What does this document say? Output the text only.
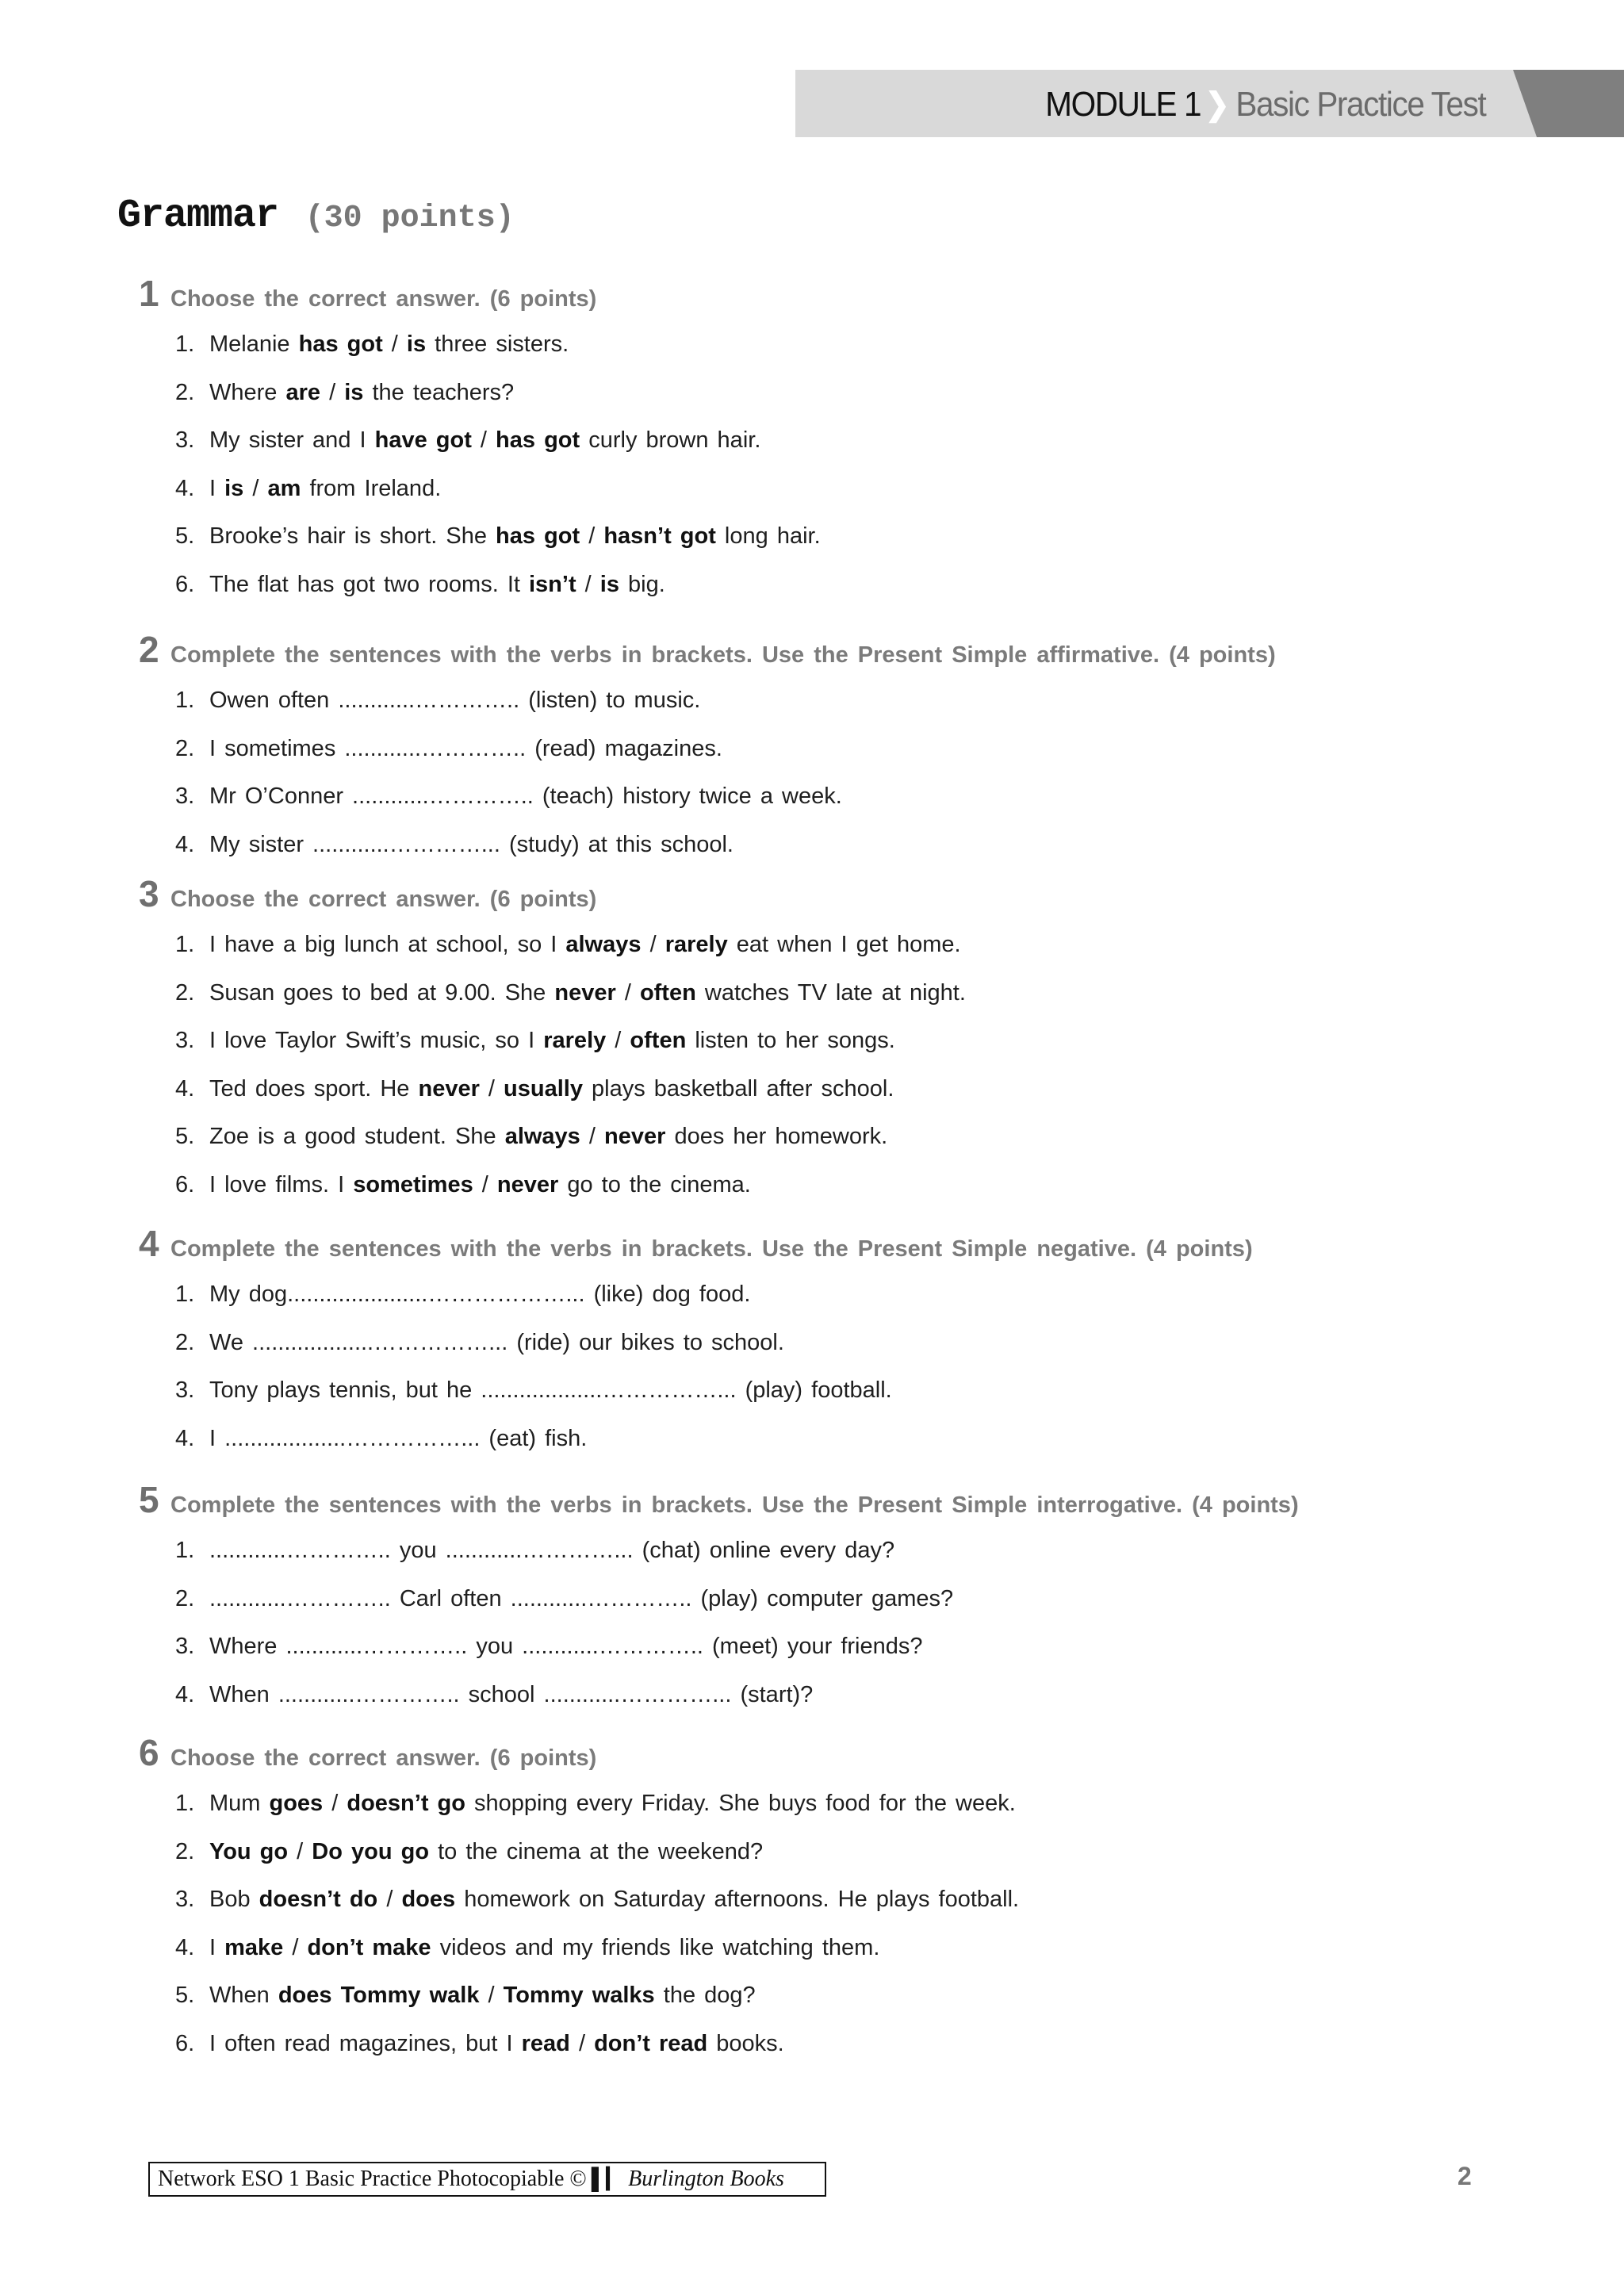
MODULE 1 ❯ Basic Practice Test
Grammar (30 points)
1 Choose the correct answer. (6 points)
1. Melanie has got / is three sisters.
2. Where are / is the teachers?
3. My sister and I have got / has got curly brown hair.
4. I is / am from Ireland.
5. Brooke’s hair is short. She has got / hasn’t got long hair.
6. The flat has got two rooms. It isn’t / is big.
2 Complete the sentences with the verbs in brackets. Use the Present Simple affirmative. (4 points)
1. Owen often ............………….. (listen) to music.
2. I sometimes ............………….. (read) magazines.
3. Mr O’Conner ............………….. (teach) history twice a week.
4. My sister ............…………... (study) at this school.
3 Choose the correct answer. (6 points)
1. I have a big lunch at school, so I always / rarely eat when I get home.
2. Susan goes to bed at 9.00. She never / often watches TV late at night.
3. I love Taylor Swift’s music, so I rarely / often listen to her songs.
4. Ted does sport. He never / usually plays basketball after school.
5. Zoe is a good student. She always / never does her homework.
6. I love films. I sometimes / never go to the cinema.
4 Complete the sentences with the verbs in brackets. Use the Present Simple negative. (4 points)
1. My dog......................………………... (like) dog food.
2. We ...................……………... (ride) our bikes to school.
3. Tony plays tennis, but he ...................……………... (play) football.
4. I ...................……………... (eat) fish.
5 Complete the sentences with the verbs in brackets. Use the Present Simple interrogative. (4 points)
1. ............………….. you ............…………... (chat) online every day?
2. ............………….. Carl often ............………….. (play) computer games?
3. Where ............………….. you ............………….. (meet) your friends?
4. When ............………….. school ............…………... (start)?
6 Choose the correct answer. (6 points)
1. Mum goes / doesn’t go shopping every Friday. She buys food for the week.
2. You go / Do you go to the cinema at the weekend?
3. Bob doesn’t do / does homework on Saturday afternoons. He plays football.
4. I make / don’t make videos and my friends like watching them.
5. When does Tommy walk / Tommy walks the dog?
6. I often read magazines, but I read / don’t read books.
Network ESO 1 Basic Practice Photocopiable © ▌▎ Burlington Books	2
